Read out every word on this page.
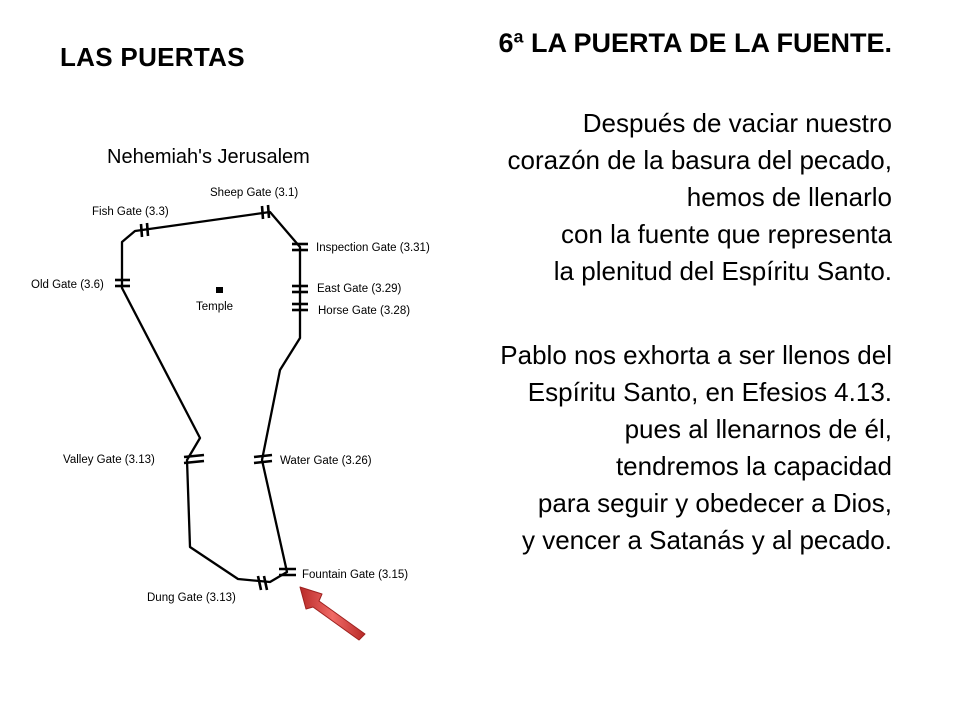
LAS PUERTAS	6ª LA PUERTA DE LA FUENTE.

Después de vaciar nuestro

corazón de la basura del pecado,

hemos de llenarlo

con la fuente que representa

la plenitud del Espíritu Santo.

Pablo nos exhorta a ser llenos del

Espíritu Santo, en Efesios 4.13.

pues al llenarnos de él,

tendremos la capacidad

para seguir y obedecer a Dios,

y vencer a Satanás y al pecado.

Nehemiah's Jerusalem
Temple
Sheep Gate (3.1)
Fish Gate (3.3)
Inspection Gate (3.31)
Old Gate (3.6)	East Gate (3.29)
Horse Gate (3.28)
Valley Gate (3.13)	Water Gate (3.26)
Fountain Gate (3.15)
Dung Gate (3.13)
